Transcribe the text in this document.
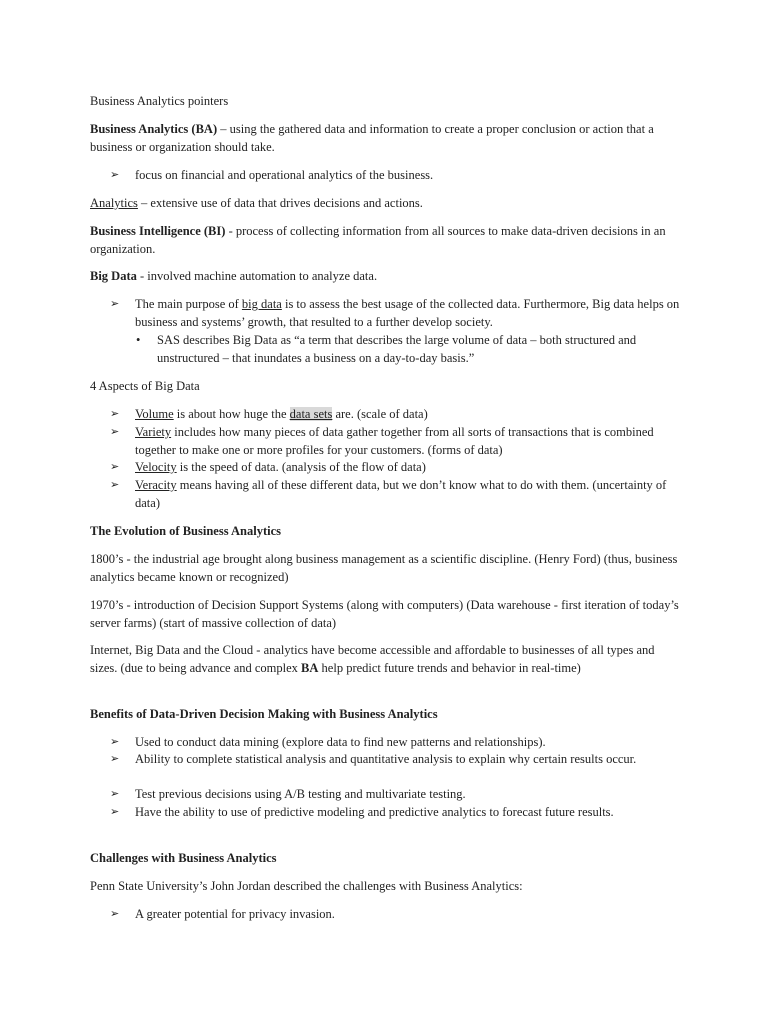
Business Analytics pointers

Business Analytics (BA) – using the gathered data and information to create a proper conclusion or action that a business or organization should take.

➢ focus on financial and operational analytics of the business.

Analytics – extensive use of data that drives decisions and actions.

Business Intelligence (BI) - process of collecting information from all sources to make data-driven decisions in an organization.

Big Data - involved machine automation to analyze data.

➢ The main purpose of big data is to assess the best usage of the collected data. Furthermore, Big data helps on business and systems’ growth, that resulted to a further develop society.

• SAS describes Big Data as “a term that describes the large volume of data – both structured and unstructured – that inundates a business on a day-to-day basis.”

4 Aspects of Big Data

➢ Volume is about how huge the data sets are. (scale of data)

➢ Variety includes how many pieces of data gather together from all sorts of transactions that is combined together to make one or more profiles for your customers. (forms of data)

➢ Velocity is the speed of data. (analysis of the flow of data)

➢ Veracity means having all of these different data, but we don’t know what to do with them. (uncertainty of data)

The Evolution of Business Analytics

1800’s - the industrial age brought along business management as a scientific discipline. (Henry Ford) (thus, business analytics became known or recognized)

1970’s - introduction of Decision Support Systems (along with computers) (Data warehouse - first iteration of today’s server farms) (start of massive collection of data)

Internet, Big Data and the Cloud - analytics have become accessible and affordable to businesses of all types and sizes. (due to being advance and complex BA help predict future trends and behavior in real-time)

Benefits of Data-Driven Decision Making with Business Analytics

➢ Used to conduct data mining (explore data to find new patterns and relationships).

➢ Ability to complete statistical analysis and quantitative analysis to explain why certain results occur.

➢ Test previous decisions using A/B testing and multivariate testing.

➢ Have the ability to use of predictive modeling and predictive analytics to forecast future results.

Challenges with Business Analytics

Penn State University’s John Jordan described the challenges with Business Analytics:

➢ A greater potential for privacy invasion.
